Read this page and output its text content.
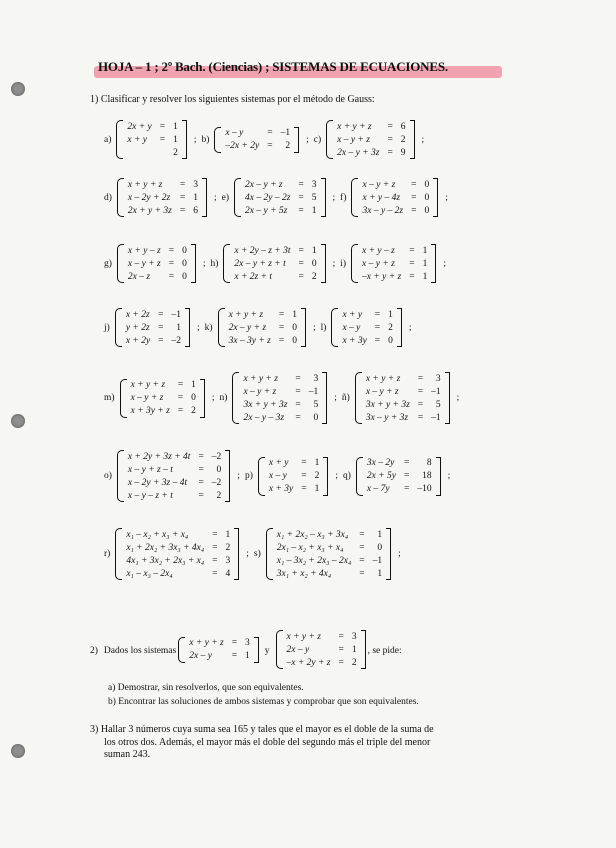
HOJA – 1 ; 2º Bach. (Ciencias) ; SISTEMAS DE ECUACIONES.
1) Clasificar y resolver los siguientes sistemas por el método de Gauss:
a)
2x + y	=	1
x + y	=	1
		2
; b)
x – y	=	–1
–2x + 2y	=	2
; c)
x + y + z	=	6
x – y + z	=	2
2x – y + 3z	=	9
;
d)
x + y + z	=	3
x – 2y + 2z	=	1
2x + y + 3z	=	6
; e)
2x – y + z	=	3
4x – 2y – 2z	=	5
2x – y + 5z	=	1
; f)
x – y + z	=	0
x + y – 4z	=	0
3x – y – 2z	=	0
;
g)
x + y – z	=	0
x – y + z	=	0
2x – z	=	0
; h)
x + 2y – z + 3t	=	1
2x – y + z + t	=	0
x + 2z + t	=	2
; i)
x + y – z	=	1
x – y + z	=	1
–x + y + z	=	1
;
j)
x + 2z	=	–1
y + 2z	=	1
x + 2y	=	–2
; k)
x + y + z	=	1
2x – y + z	=	0
3x – 3y + z	=	0
; l)
x + y	=	1
x – y	=	2
x + 3y	=	0
;
m)
x + y + z	=	1
x – y + z	=	0
x + 3y + z	=	2
; n)
x + y + z	=	3
x – y + z	=	–1
3x + y + 3z	=	5
2x – y – 3z	=	0
; ñ)
x + y + z	=	3
x – y + z	=	–1
3x + y + 3z	=	5
3x – y + 3z	=	–1
;
o)
x + 2y + 3z + 4t	=	–2
x – y + z – t	=	0
x – 2y + 3z – 4t	=	–2
x – y – z + t	=	2
; p)
x + y	=	1
x – y	=	2
x + 3y	=	1
; q)
3x – 2y	=	8
2x + 5y	=	18
x – 7y	=	–10
;
r)
x₁ – x₂ + x₃ + x₄	=	1
x₁ + 2x₂ + 3x₃ + 4x₄	=	2
4x₁ + 3x₂ + 2x₃ + x₄	=	3
x₁ – x₃ – 2x₄	=	4
; s)
x₁ + 2x₂ – x₃ + 3x₄	=	1
2x₁ – x₂ + x₃ + x₄	=	0
x₁ – 3x₂ + 2x₃ – 2x₄	=	–1
3x₁ + x₂ + 4x₄	=	1
;
2) Dados los sistemas
x + y + z	=	3
2x – y	=	1 y
x + y + z	=	3
2x – y	=	1
–x + 2y + z	=	2
, se pide:
a) Demostrar, sin resolverlos, que son equivalentes.
b) Encontrar las soluciones de ambos sistemas y comprobar que son equivalentes.
3) Hallar 3 números cuya suma sea 165 y tales que el mayor es el doble de la suma de
los otros dos. Además, el mayor más el doble del segundo más el triple del menor
suman 243.
